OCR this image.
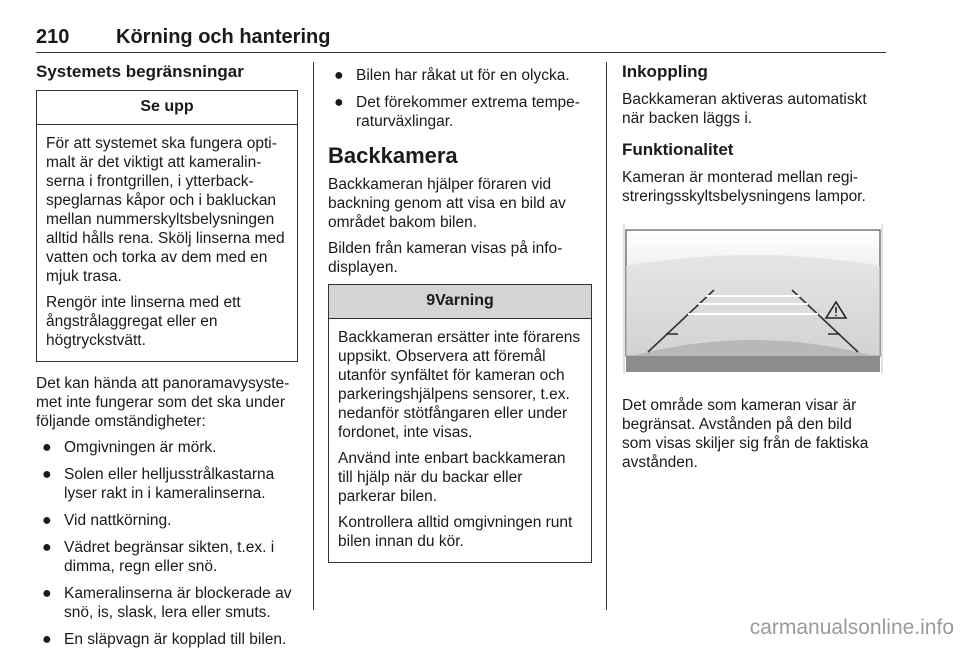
210 Körning och hantering
Systemets begränsningar
Se upp

För att systemet ska fungera optimalt är det viktigt att kameralinserna i frontgrillen, i ytterbackspeglarnas kåpor och i bakluckan mellan nummerskyltsbelysningen alltid hålls rena. Skölj linserna med vatten och torka av dem med en mjuk trasa.

Rengör inte linserna med ett ångstrålaggregat eller en högtryckstvätt.

Det kan hända att panoramavysystemet inte fungerar som det ska under följande omständigheter:

● Omgivningen är mörk.
● Solen eller helljusstrålkastarna lyser rakt in i kameralinserna.
● Vid nattkörning.
● Vädret begränsar sikten, t.ex. i dimma, regn eller snö.
● Kameralinserna är blockerade av snö, is, slask, lera eller smuts.
● En släpvagn är kopplad till bilen.
● Bilen har råkat ut för en olycka.
● Det förekommer extrema temperaturväxlingar.
Backkamera

Backkameran hjälper föraren vid backning genom att visa en bild av området bakom bilen.

Bilden från kameran visas på infodisplayen.

9Varning

Backkameran ersätter inte förarens uppsikt. Observera att föremål utanför synfältet för kameran och parkeringshjälpens sensorer, t.ex. nedanför stötfångaren eller under fordonet, inte visas.

Använd inte enbart backkameran till hjälp när du backar eller parkerar bilen.

Kontrollera alltid omgivningen runt bilen innan du kör.

Inkoppling

Backkameran aktiveras automatiskt när backen läggs i.

Funktionalitet

Kameran är monterad mellan registreringsskyltsbelysningens lampor.

Det område som kameran visar är begränsat. Avstånden på den bild som visas skiljer sig från de faktiska avstånden.

carmanualsonline.info
